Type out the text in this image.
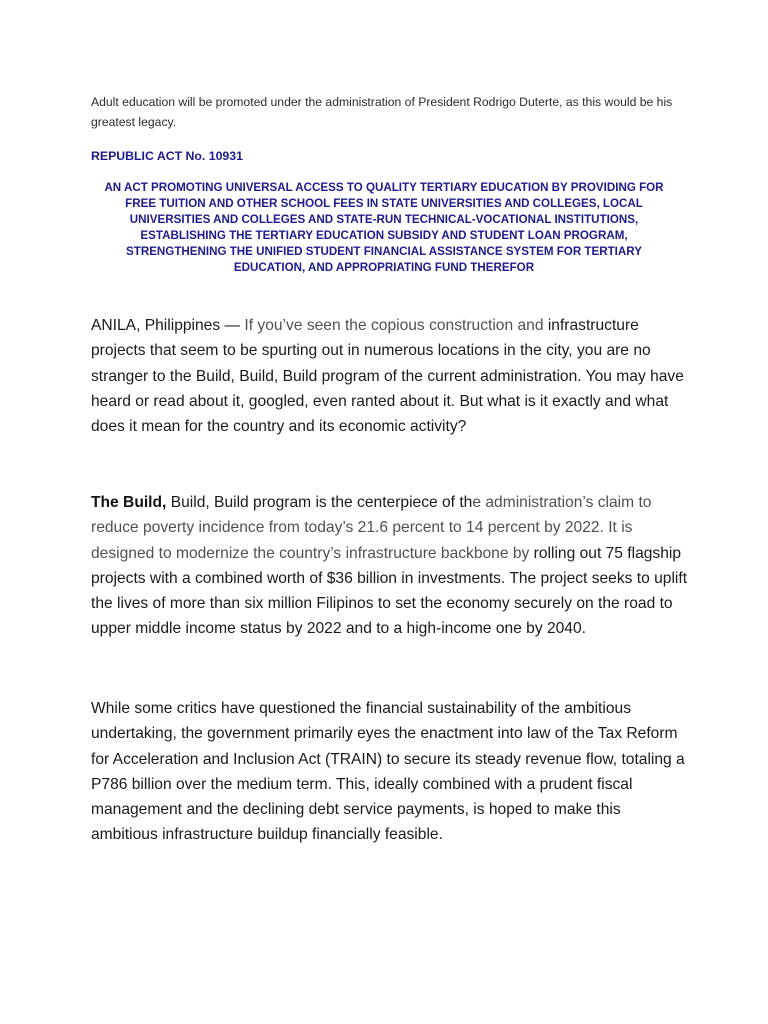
Adult education will be promoted under the administration of President Rodrigo Duterte, as this would be his greatest legacy.

REPUBLIC ACT No. 10931

AN ACT PROMOTING UNIVERSAL ACCESS TO QUALITY TERTIARY EDUCATION BY PROVIDING FOR FREE TUITION AND OTHER SCHOOL FEES IN STATE UNIVERSITIES AND COLLEGES, LOCAL UNIVERSITIES AND COLLEGES AND STATE-RUN TECHNICAL-VOCATIONAL INSTITUTIONS, ESTABLISHING THE TERTIARY EDUCATION SUBSIDY AND STUDENT LOAN PROGRAM, STRENGTHENING THE UNIFIED STUDENT FINANCIAL ASSISTANCE SYSTEM FOR TERTIARY EDUCATION, AND APPROPRIATING FUND THEREFOR

ANILA, Philippines — If you’ve seen the copious construction and infrastructure projects that seem to be spurting out in numerous locations in the city, you are no stranger to the Build, Build, Build program of the current administration. You may have heard or read about it, googled, even ranted about it. But what is it exactly and what does it mean for the country and its economic activity?

The Build, Build, Build program is the centerpiece of the administration’s claim to reduce poverty incidence from today’s 21.6 percent to 14 percent by 2022. It is designed to modernize the country’s infrastructure backbone by rolling out 75 flagship projects with a combined worth of $36 billion in investments. The project seeks to uplift the lives of more than six million Filipinos to set the economy securely on the road to upper middle income status by 2022 and to a high-income one by 2040.

While some critics have questioned the financial sustainability of the ambitious undertaking, the government primarily eyes the enactment into law of the Tax Reform for Acceleration and Inclusion Act (TRAIN) to secure its steady revenue flow, totaling a P786 billion over the medium term. This, ideally combined with a prudent fiscal management and the declining debt service payments, is hoped to make this ambitious infrastructure buildup financially feasible.
